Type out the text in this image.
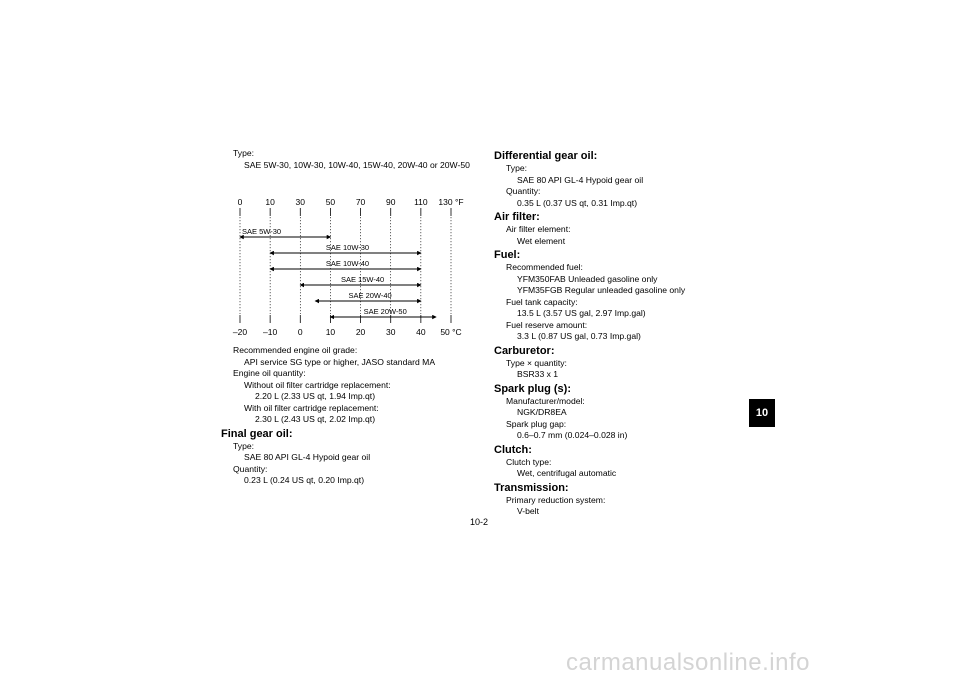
Type:
SAE 5W-30, 10W-30, 10W-40, 15W-40, 20W-40 or 20W-50
Recommended engine oil grade:
API service SG type or higher, JASO standard MA
Engine oil quantity:
Without oil filter cartridge replacement:
2.20 L (2.33 US qt, 1.94 Imp.qt)
With oil filter cartridge replacement:
2.30 L (2.43 US qt, 2.02 Imp.qt)
Final gear oil:
Type:
SAE 80 API GL-4 Hypoid gear oil
Quantity:
0.23 L (0.24 US qt, 0.20 Imp.qt)
0
–20
10
–10
30
0
50
10
70
20
90
30
110
40
130 °F
50 °C
SAE 5W-30
SAE 10W-30
SAE 10W-40
SAE 15W-40
SAE 20W-40
SAE 20W-50
Differential gear oil:
Type:
SAE 80 API GL-4 Hypoid gear oil
Quantity:
0.35 L (0.37 US qt, 0.31 Imp.qt)
Air filter:
Air filter element:
Wet element
Fuel:
Recommended fuel:
YFM350FAB Unleaded gasoline only
YFM35FGB Regular unleaded gasoline only
Fuel tank capacity:
13.5 L (3.57 US gal, 2.97 Imp.gal)
Fuel reserve amount:
3.3 L (0.87 US gal, 0.73 Imp.gal)
Carburetor:
Type × quantity:
BSR33 x 1
Spark plug (s):
Manufacturer/model:
NGK/DR8EA
Spark plug gap:
0.6–0.7 mm (0.024–0.028 in)
Clutch:
Clutch type:
Wet, centrifugal automatic
Transmission:
Primary reduction system:
V-belt
10-2
10
carmanualsonline.info
